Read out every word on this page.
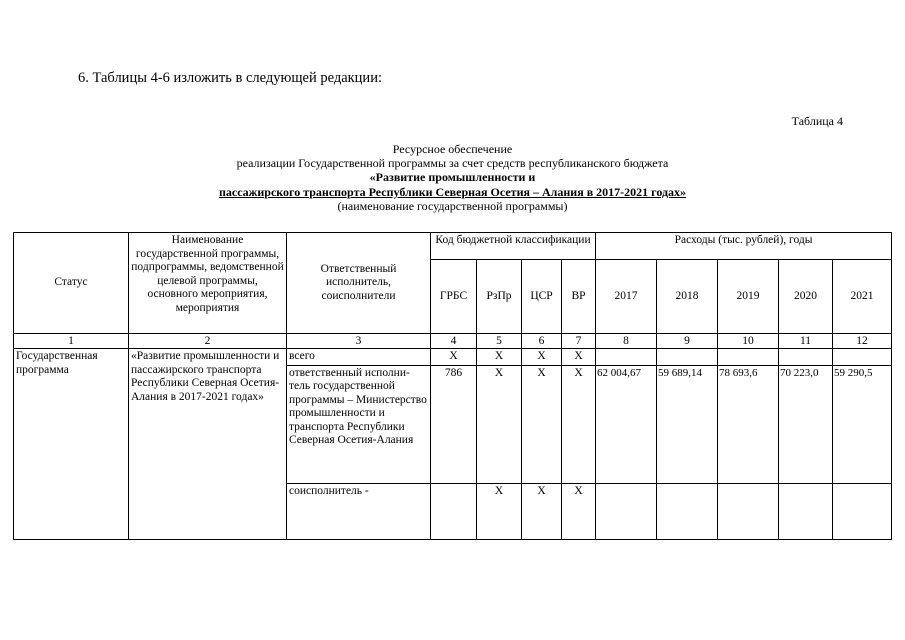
6. Таблицы 4-6 изложить в следующей редакции:
Таблица 4
Ресурсное обеспечение
реализации Государственной программы за счет средств республиканского бюджета
«Развитие промышленности и
пассажирского транспорта Республики Северная Осетия – Алания в 2017-2021 годах»
(наименование государственной программы)
Статус	Наименование государственной программы, подпрограммы, ведомственной целевой программы, основного мероприятия, мероприятия	Ответственный исполнитель, соисполнители	Код бюджетной классификации				Расходы (тыс. рублей), годы				
			ГРБС	РзПр	ЦСР	ВР	2017	2018	2019	2020	2021
1	2	3	4	5	6	7	8	9	10	11	12
Государственная программа	«Развитие промышленности и пассажирского транспорта Республики Северная Осетия-Алания в 2017-2021 годах»	всего	Х	Х	Х	Х					
		ответственный исполни-тель государственной программы – Министерство промышленности и транспорта Республики Северная Осетия-Алания	786	Х	Х	Х	62 004,67	59 689,14	78 693,6	70 223,0	59 290,5
		соисполнитель -		Х	Х	Х					
